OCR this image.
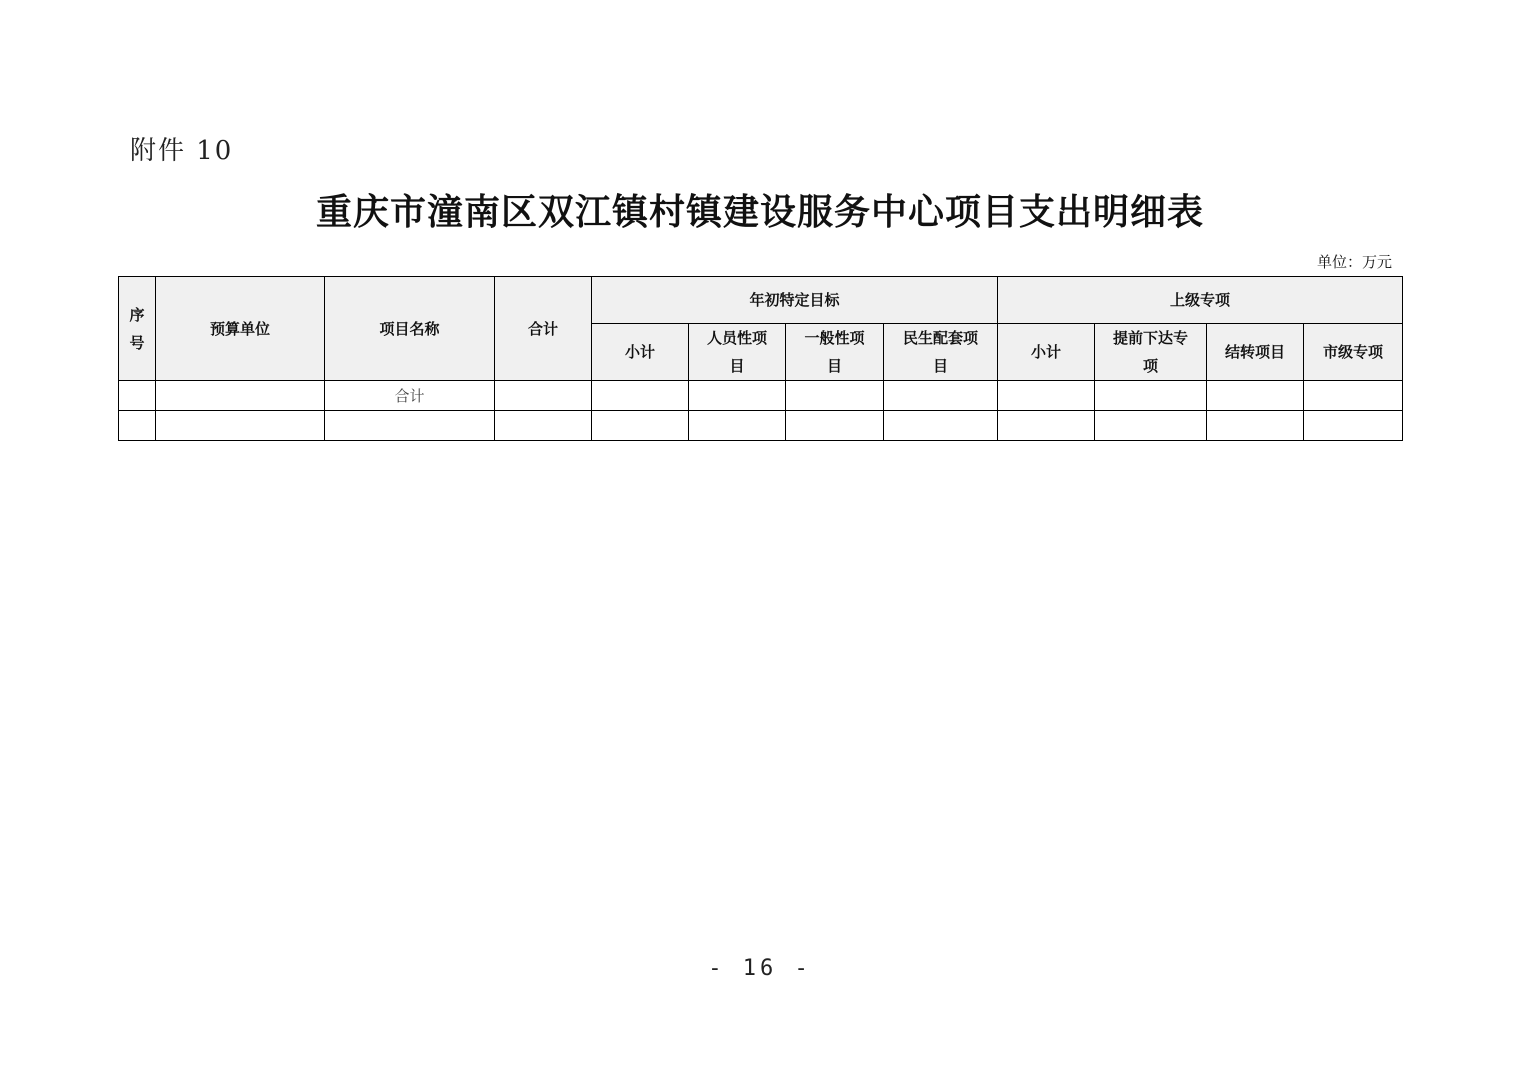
附件 10
重庆市潼南区双江镇村镇建设服务中心项目支出明细表
单位：万元
序号	预算单位	项目名称	合计	年初特定目标				上级专项			
				小计	人员性项目	一般性项目	民生配套项目	小计	提前下达专项	结转项目	市级专项
		合计									

- 16 -
